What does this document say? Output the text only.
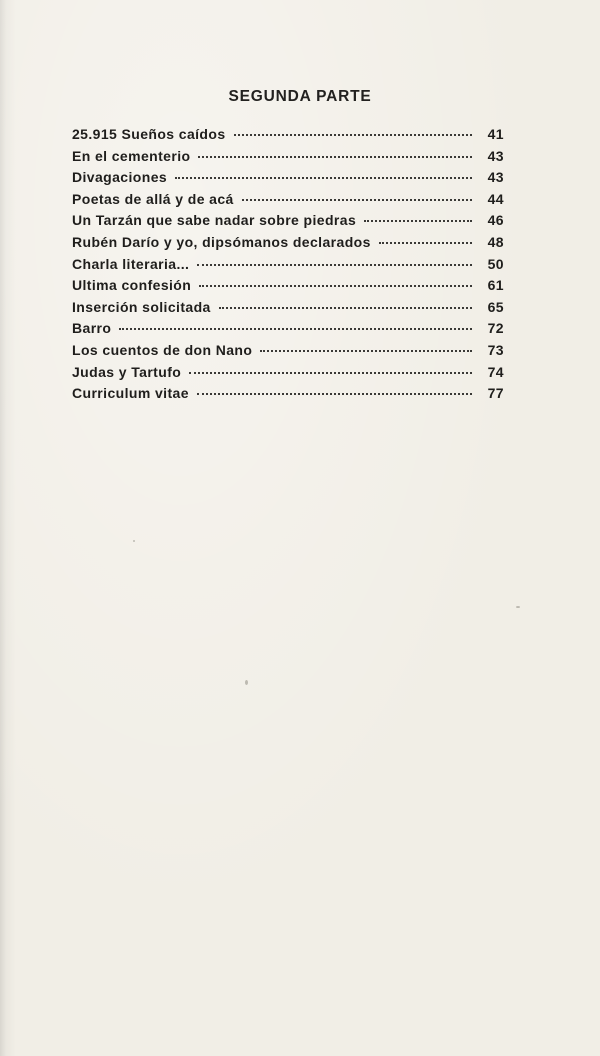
SEGUNDA PARTE
25.915 Sueños caídos	41
En el cementerio	43
Divagaciones	43
Poetas de allá y de acá	44
Un Tarzán que sabe nadar sobre piedras	46
Rubén Darío y yo, dipsómanos declarados	48
Charla literaria...	50
Ultima confesión	61
Inserción solicitada	65
Barro	72
Los cuentos de don Nano	73
Judas y Tartufo	74
Curriculum vitae	77
